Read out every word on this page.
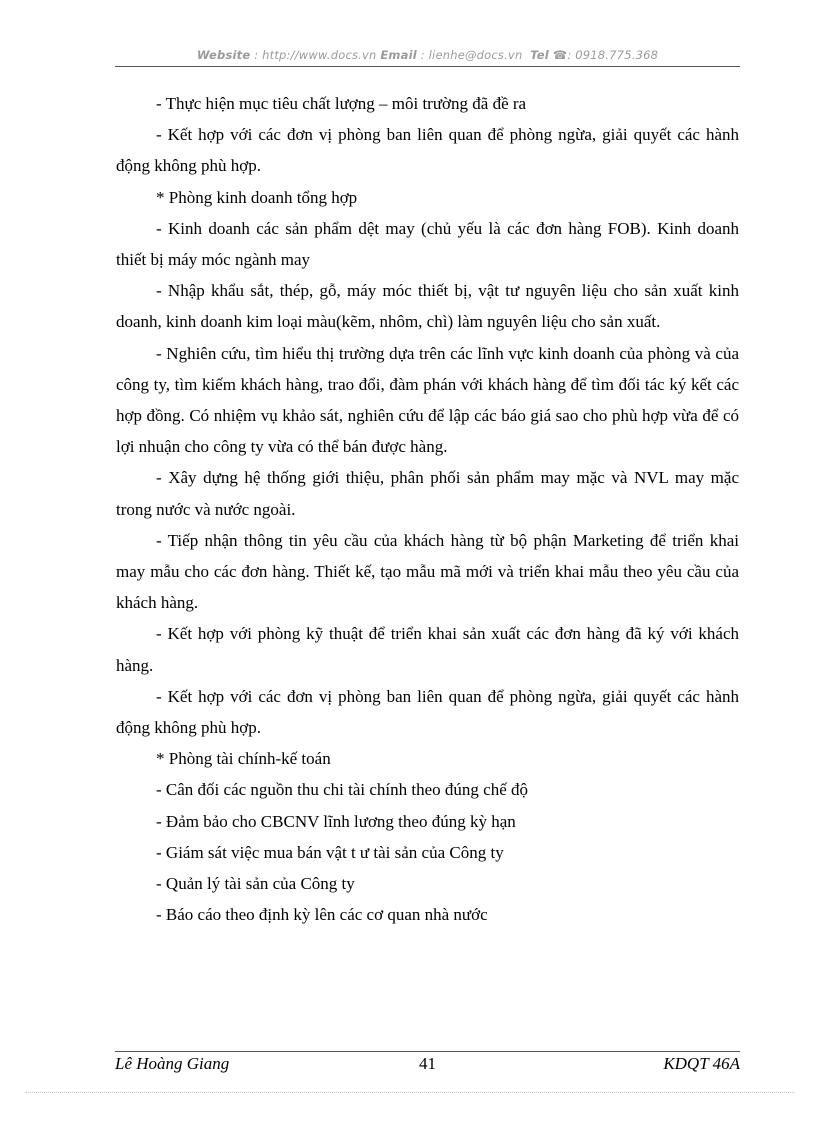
Website : http://www.docs.vn Email : lienhe@docs.vn Tel ☎: 0918.775.368

- Thực hiện mục tiêu chất lượng – môi trường đã đề ra

- Kết hợp với các đơn vị phòng ban liên quan để phòng ngừa, giải quyết các hành động không phù hợp.

* Phòng kinh doanh tổng hợp

- Kinh doanh các sản phẩm dệt may (chủ yếu là các đơn hàng FOB). Kinh doanh thiết bị máy móc ngành may

- Nhập khẩu sắt, thép, gỗ, máy móc thiết bị, vật tư nguyên liệu cho sản xuất kinh doanh, kinh doanh kim loại màu(kẽm, nhôm, chì) làm nguyên liệu cho sản xuất.

- Nghiên cứu, tìm hiểu thị trường dựa trên các lĩnh vực kinh doanh của phòng và của công ty, tìm kiếm khách hàng, trao đổi, đàm phán với khách hàng để tìm đối tác ký kết các hợp đồng. Có nhiệm vụ khảo sát, nghiên cứu để lập các báo giá sao cho phù hợp vừa để có lợi nhuận cho công ty vừa có thể bán được hàng.

- Xây dựng hệ thống giới thiệu, phân phối sản phẩm may mặc và NVL may mặc trong nước và nước ngoài.

- Tiếp nhận thông tin yêu cầu của khách hàng từ bộ phận Marketing để triển khai may mẫu cho các đơn hàng. Thiết kế, tạo mẫu mã mới và triển khai mẫu theo yêu cầu của khách hàng.

- Kết hợp với phòng kỹ thuật để triển khai sản xuất các đơn hàng đã ký với khách hàng.

- Kết hợp với các đơn vị phòng ban liên quan để phòng ngừa, giải quyết các hành động không phù hợp.

* Phòng tài chính-kế toán

- Cân đối các nguồn thu chi tài chính theo đúng chế độ

- Đảm bảo cho CBCNV lĩnh lương theo đúng kỳ hạn

- Giám sát việc mua bán vật t ư tài sản của Công ty

- Quản lý tài sản của Công ty

- Báo cáo theo định kỳ lên các cơ quan nhà nước

Lê Hoàng Giang	41	KDQT 46A
